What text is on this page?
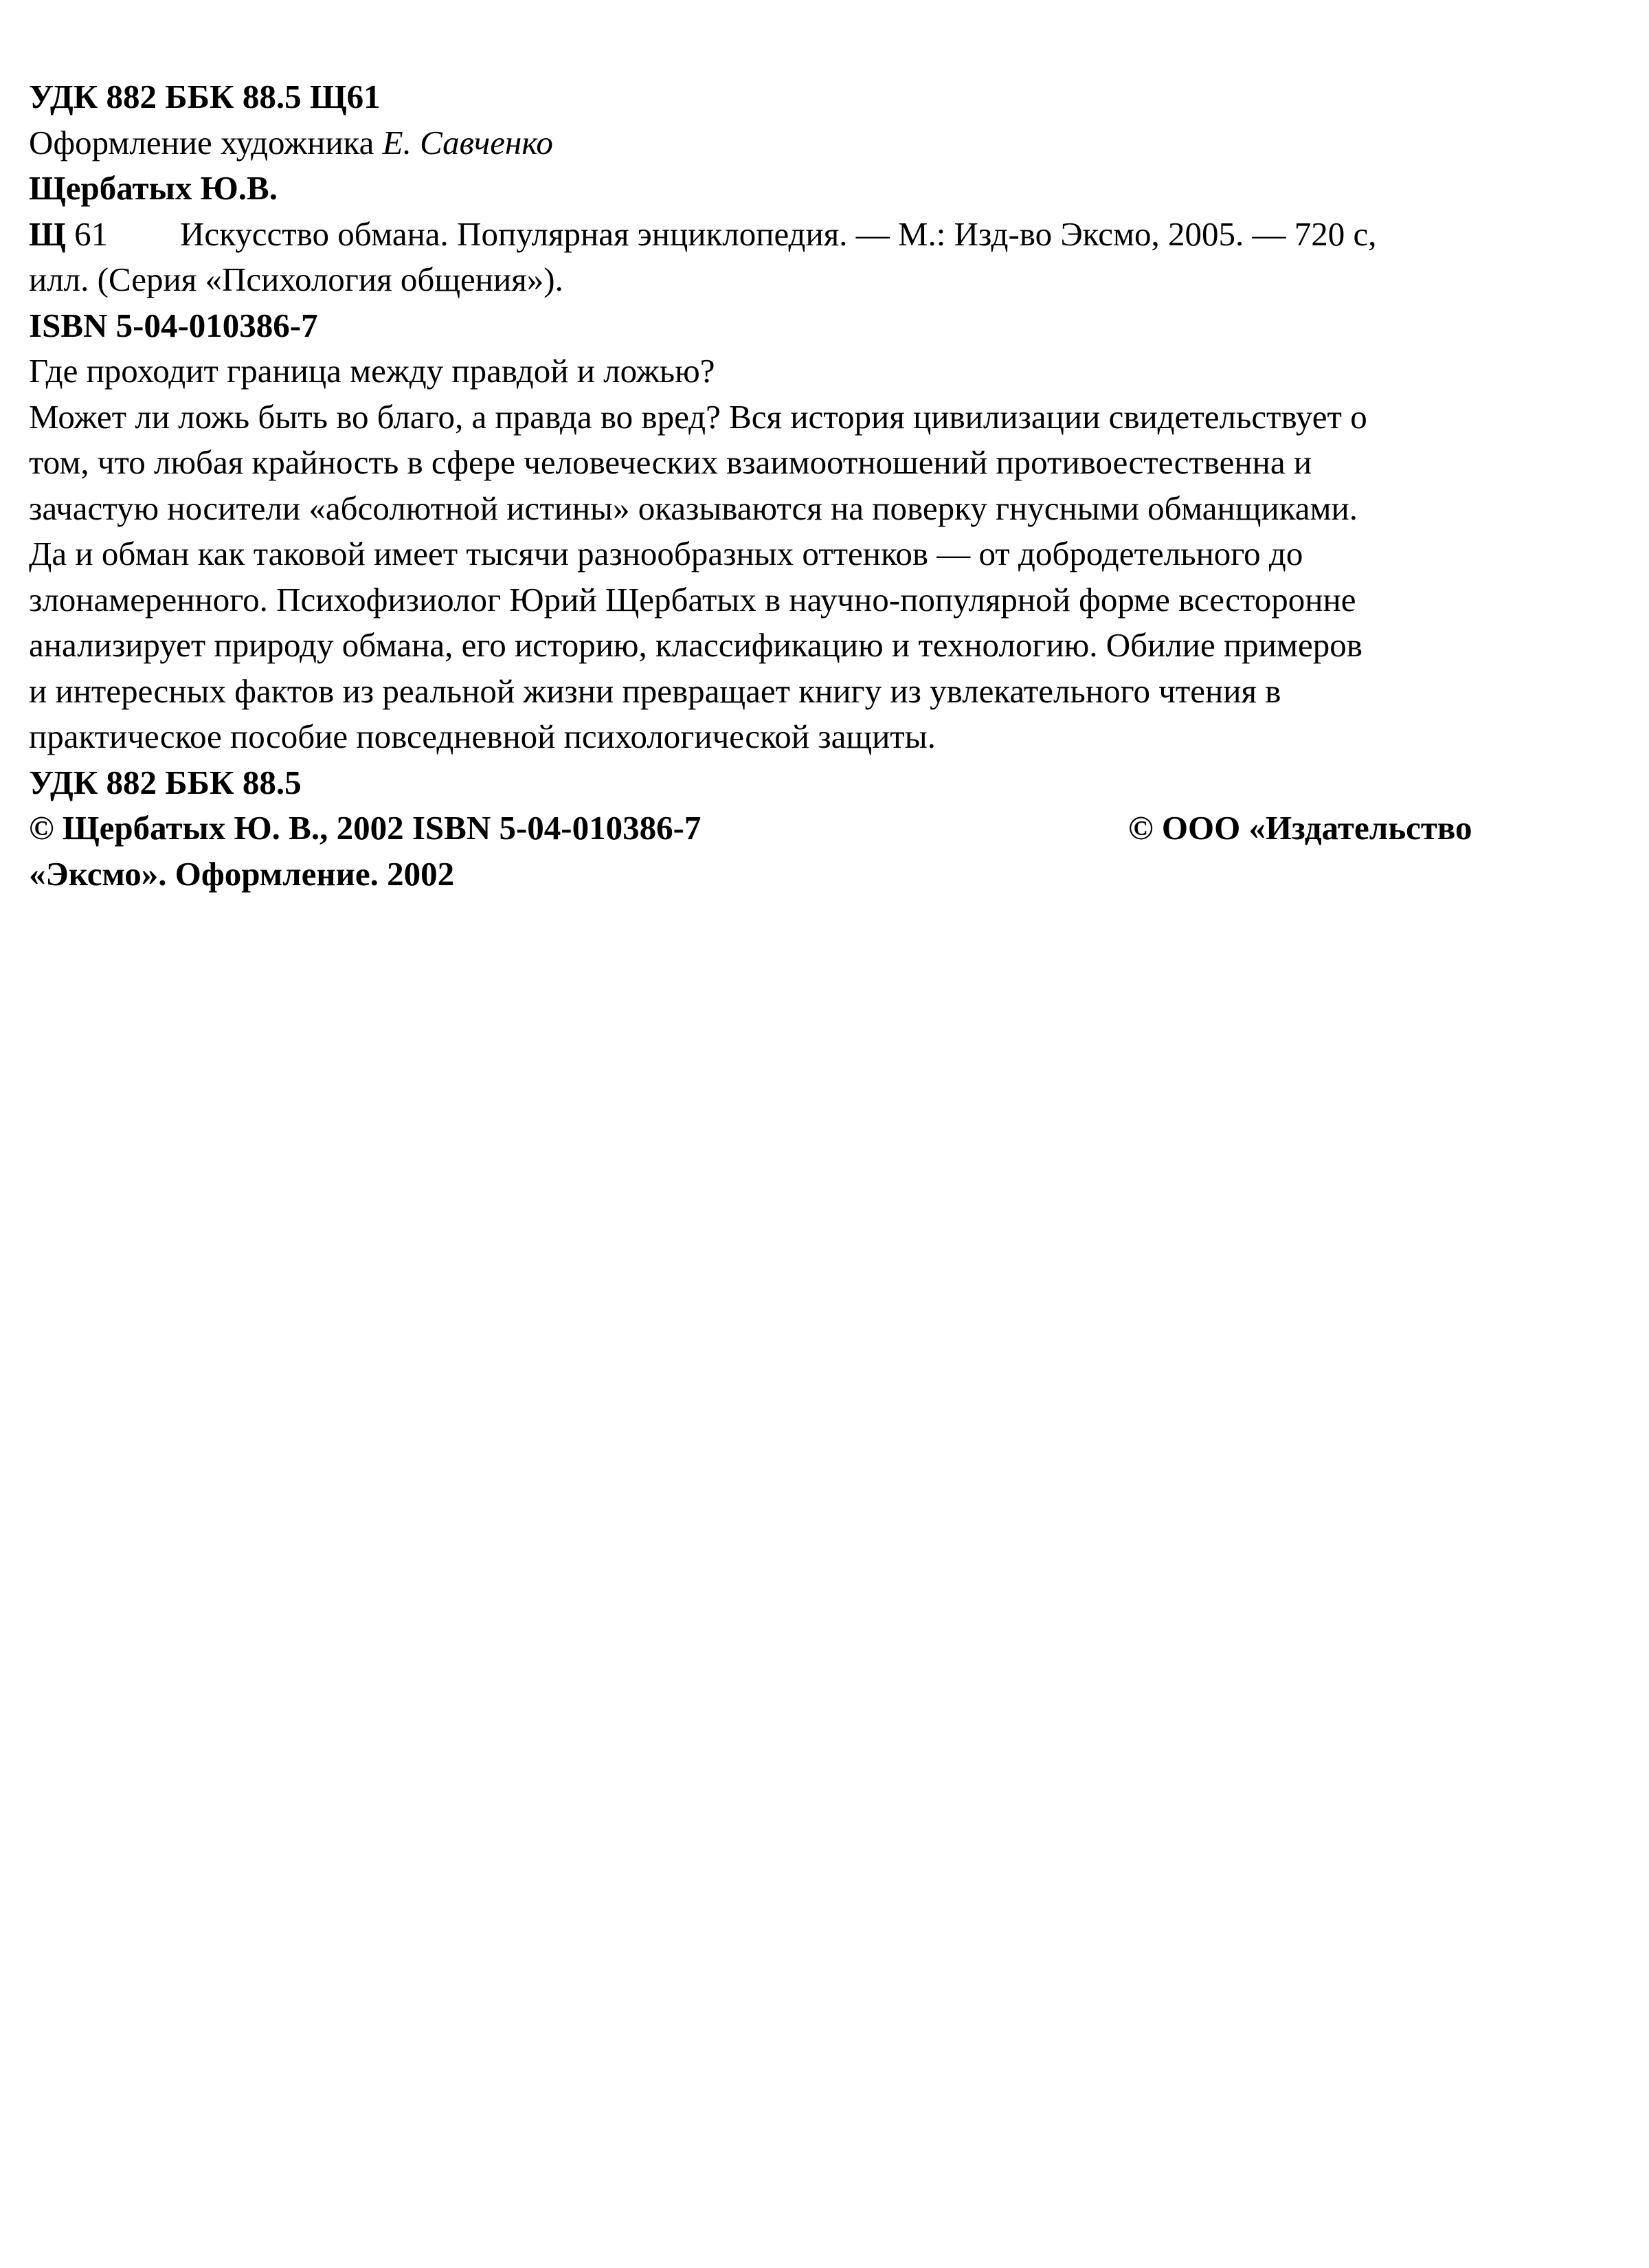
УДК 882 ББК 88.5 Щ61
Оформление художника Е. Савченко
Щербатых Ю.В.
Щ 61 Искусство обмана. Популярная энциклопедия. — М.: Изд-во Эксмо, 2005. — 720 с,
илл. (Серия «Психология общения»).
ISBN 5-04-010386-7
Где проходит граница между правдой и ложью?
Может ли ложь быть во благо, а правда во вред? Вся история цивилизации свидетельствует о
том, что любая крайность в сфере человеческих взаимоотношений противоестественна и
зачастую носители «абсолютной истины» оказываются на поверку гнусными обманщиками.
Да и обман как таковой имеет тысячи разнообразных оттенков — от добродетельного до
злонамеренного. Психофизиолог Юрий Щербатых в научно-популярной форме всесторонне
анализирует природу обмана, его историю, классификацию и технологию. Обилие примеров
и интересных фактов из реальной жизни превращает книгу из увлекательного чтения в
практическое пособие повседневной психологической защиты.
УДК 882 ББК 88.5
© Щербатых Ю. В., 2002 ISBN 5-04-010386-7	© ООО «Издательство
«Эксмо». Оформление. 2002
